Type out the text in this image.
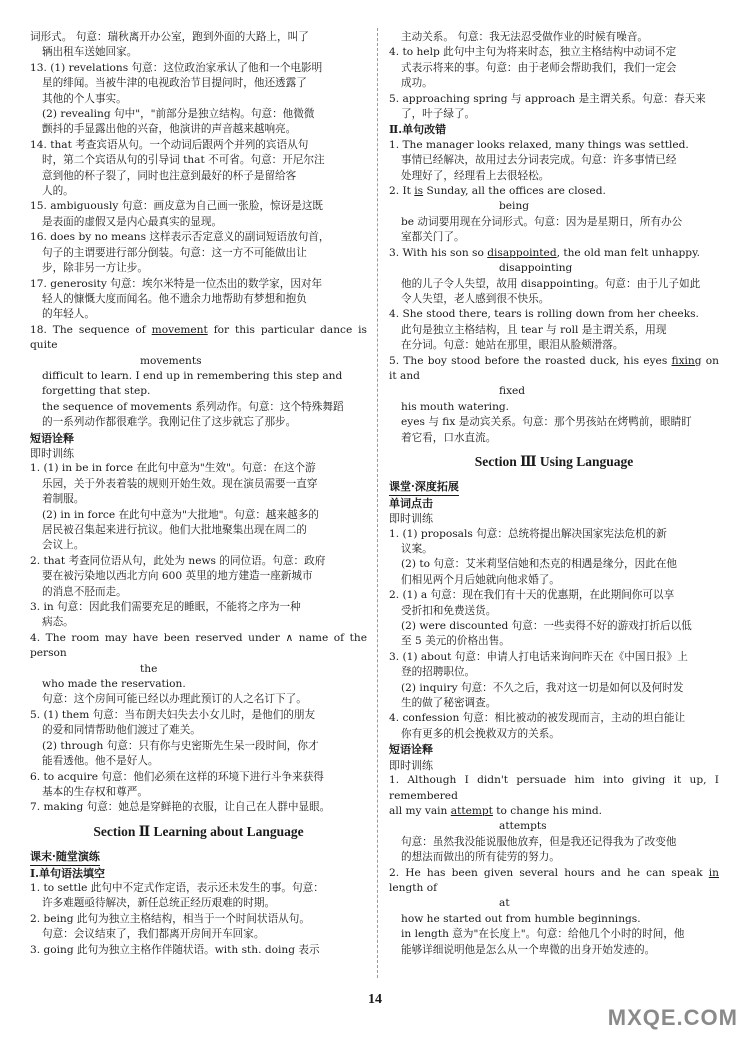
词形式。 句意：瑞秋离开办公室，跑到外面的大路上，叫了
辆出租车送她回家。
13. (1) revelations 句意：这位政治家承认了他和一个电影明
星的绯闻。当被牛津的电视政治节目提问时，他还透露了
其他的个人事实。
(2) revealing 句中"，"前部分是独立结构。句意：他微微
颤抖的手显露出他的兴奋，他演讲的声音越来越响亮。
14. that 考查宾语从句。一个动词后跟两个并列的宾语从句
时，第二个宾语从句的引导词 that 不可省。句意：开尼尔注
意到他的杯子裂了，同时也注意到最好的杯子是留给客
人的。
15. ambiguously 句意：画皮意为自己画一张脸，惊讶是这既
是表面的虚假又是内心最真实的显现。
16. does by no means 这样表示否定意义的副词短语放句首，
句子的主谓要进行部分倒装。句意：这一方不可能做出让
步，除非另一方让步。
17. generosity 句意：埃尔米特是一位杰出的数学家，因对年
轻人的慷慨大度而闻名。他不遗余力地帮助有梦想和抱负
的年轻人。
18. The sequence of movement for this particular dance is quite
movements
difficult to learn. I end up in remembering this step and
forgetting that step.
the sequence of movements 系列动作。句意：这个特殊舞蹈
的一系列动作都很难学。我刚记住了这步就忘了那步。
短语诠释
即时训练
1. (1) in be in force 在此句中意为"生效"。句意：在这个游
乐园，关于外表着装的规则开始生效。现在演员需要一直穿
着制服。
(2) in in force 在此句中意为"大批地"。句意：越来越多的
居民被召集起来进行抗议。他们大批地聚集出现在周二的
会议上。
2. that 考查同位语从句，此处为 news 的同位语。句意：政府
要在被污染地以西北方向 600 英里的地方建造一座新城市
的消息不胫而走。
3. in 句意：因此我们需要充足的睡眠，不能将之序为一种
病态。
4. The room may have been reserved under ∧ name of the person
the
who made the reservation.
句意：这个房间可能已经以办理此预订的人之名订下了。
5. (1) them 句意：当布朗夫妇失去小女儿时，是他们的朋友
的爱和同情帮助他们渡过了难关。
(2) through 句意：只有你与史密斯先生呆一段时间，你才
能看透他。他不是好人。
6. to acquire 句意：他们必须在这样的环境下进行斗争来获得
基本的生存权和尊严。
7. making 句意：她总是穿鲜艳的衣服，让自己在人群中显眼。
Section Ⅱ Learning about Language
课末·随堂演练
Ⅰ.单句语法填空
1. to settle 此句中不定式作定语，表示还未发生的事。句意：
许多难题亟待解决，新任总统正经历艰难的时期。
2. being 此句为独立主格结构，相当于一个时间状语从句。
句意：会议结束了，我们都离开房间开车回家。
3. going 此句为独立主格作伴随状语。with sth. doing 表示
主动关系。 句意：我无法忍受做作业的时候有噪音。
4. to help 此句中主句为将来时态，独立主格结构中动词不定
式表示将来的事。句意：由于老师会帮助我们，我们一定会
成功。
5. approaching spring 与 approach 是主谓关系。句意：春天来
了，叶子绿了。
Ⅱ.单句改错
1. The manager looks relaxed, many things was settled.
事情已经解决，故用过去分词表完成。句意：许多事情已经
处理好了，经理看上去很轻松。
2. It is Sunday, all the offices are closed.
being
be 动词要用现在分词形式。句意：因为是星期日，所有办公
室都关门了。
3. With his son so disappointed, the old man felt unhappy.
disappointing
他的儿子令人失望，故用 disappointing。句意：由于儿子如此
令人失望，老人感到很不快乐。
4. She stood there, tears is rolling down from her cheeks.
此句是独立主格结构，且 tear 与 roll 是主谓关系，用现
在分词。句意：她站在那里，眼泪从脸颊滑落。
5. The boy stood before the roasted duck, his eyes fixing on it and
fixed
his mouth watering.
eyes 与 fix 是动宾关系。句意：那个男孩站在烤鸭前，眼睛盯
着它看，口水直流。
Section Ⅲ Using Language
课堂·深度拓展
单词点击
即时训练
1. (1) proposals 句意：总统将提出解决国家宪法危机的新
议案。
(2) to 句意：艾米莉坚信她和杰克的相遇是缘分，因此在他
们相见两个月后她就向他求婚了。
2. (1) a 句意：现在我们有十天的优惠期，在此期间你可以享
受折扣和免费送货。
(2) were discounted 句意：一些卖得不好的游戏打折后以低
至 5 美元的价格出售。
3. (1) about 句意：申请人打电话来询问昨天在《中国日报》上
登的招聘职位。
(2) inquiry 句意：不久之后，我对这一切是如何以及何时发
生的做了秘密调查。
4. confession 句意：相比被动的被发现而言，主动的坦白能让
你有更多的机会挽救双方的关系。
短语诠释
即时训练
1. Although I didn't persuade him into giving it up, I remembered
all my vain attempt to change his mind.
attempts
句意：虽然我没能说服他放弃，但是我还记得我为了改变他
的想法而做出的所有徒劳的努力。
2. He has been given several hours and he can speak in length of
at
how he started out from humble beginnings.
in length 意为"在长度上"。句意：给他几个小时的时间，他
能够详细说明他是怎么从一个卑微的出身开始发迹的。
14
MXQE.COM
